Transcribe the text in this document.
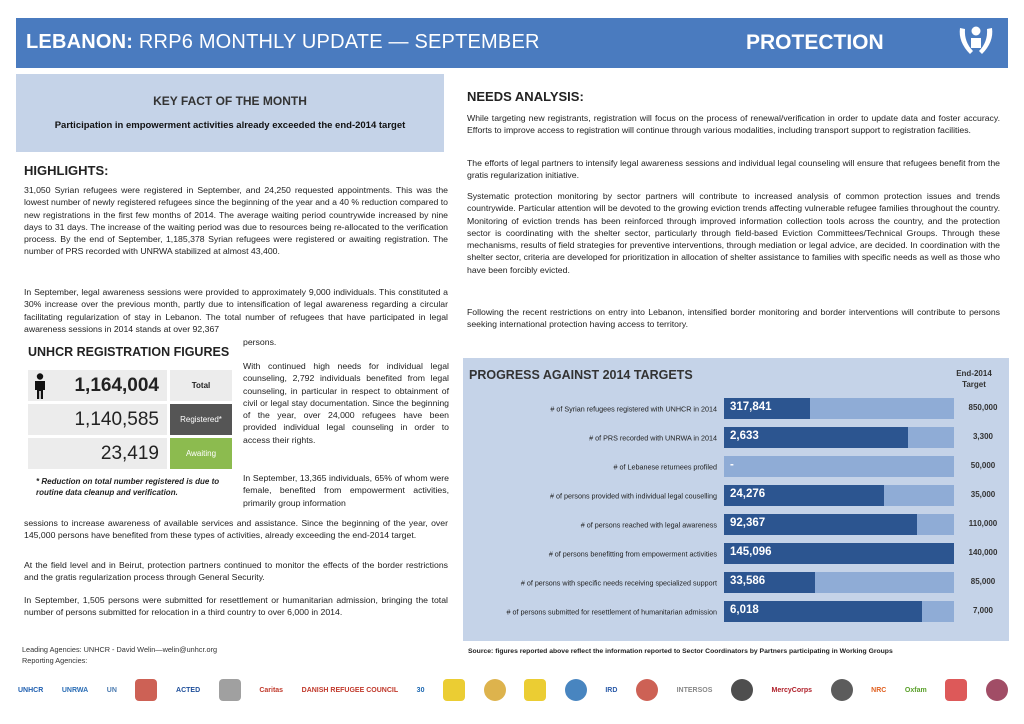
LEBANON: RRP6 MONTHLY UPDATE — SEPTEMBER	PROTECTION
KEY FACT OF THE MONTH
Participation in empowerment activities already exceeded the end-2014 target
HIGHLIGHTS:
31,050 Syrian refugees were registered in September, and 24,250 requested appointments. This was the lowest number of newly registered refugees since the beginning of the year and a 40 % reduction compared to new registrations in the first few months of 2014. The average waiting period countrywide increased by nine days to 31 days. The increase of the waiting period was due to resources being re-allocated to the verification process. By the end of September, 1,185,378 Syrian refugees were registered or awaiting registration. The number of PRS recorded with UNRWA stabilized at almost 43,400.
In September, legal awareness sessions were provided to approximately 9,000 individuals. This constituted a 30% increase over the previous month, partly due to intensification of legal awareness regarding a circular facilitating regularization of stay in Lebanon. The total number of refugees that have participated in legal awareness sessions in 2014 stands at over 92,367
persons.
UNHCR REGISTRATION FIGURES
1,164,004	Total
1,140,585	Registered*
23,419	Awaiting
* Reduction on total number registered is due to routine data cleanup and verification.
With continued high needs for individual legal counseling, 2,792 individuals benefited from legal counseling, in particular in respect to obtainment of civil or legal stay documentation. Since the beginning of the year, over 24,000 refugees have been provided individual legal counseling in order to access their rights.
In September, 13,365 individuals, 65% of whom were female, benefited from empowerment activities, primarily group information
sessions to increase awareness of available services and assistance. Since the beginning of the year, over 145,000 persons have benefited from these types of activities, already exceeding the end-2014 target.
At the field level and in Beirut, protection partners continued to monitor the effects of the border restrictions and the gratis regularization process through General Security.
In September, 1,505 persons were submitted for resettlement or humanitarian admission, bringing the total number of persons submitted for relocation in a third country to over 6,000 in 2014.
NEEDS ANALYSIS:
While targeting new registrants, registration will focus on the process of renewal/verification in order to update data and foster accuracy. Efforts to improve access to registration will continue through various modalities, including transport support to registration facilities.
The efforts of legal partners to intensify legal awareness sessions and individual legal counseling will ensure that refugees benefit from the gratis regularization initiative.
Systematic protection monitoring by sector partners will contribute to increased analysis of common protection issues and trends countrywide. Particular attention will be devoted to the growing eviction trends affecting vulnerable refugee families throughout the country. Monitoring of eviction trends has been reinforced through improved information collection tools across the country, and the protection sector is coordinating with the shelter sector, particularly through field-based Eviction Committees/Technical Groups. Through these mechanisms, results of field strategies for preventive interventions, through mediation or legal advice, are decided. In coordination with the shelter sector, criteria are developed for prioritization in allocation of shelter assistance to families with specific needs as well as those who have been forcibly evicted.
Following the recent restrictions on entry into Lebanon, intensified border monitoring and border interventions will contribute to persons seeking international protection having access to territory.
PROGRESS AGAINST 2014 TARGETS	End-2014 Target
# of Syrian refugees registered with UNHCR in 2014 317,841	850,000
# of PRS recorded with UNRWA in 2014 2,633	3,300
# of Lebanese returnees profiled -	50,000
# of persons provided with individual legal couselling 24,276	35,000
# of persons reached with legal awareness 92,367	110,000
# of persons benefitting from empowerment activities 145,096	140,000
# of persons with specific needs receiving specialized support 33,586	85,000
# of persons submitted for resettlement of humanitarian admission 6,018	7,000
Source: figures reported above reflect the information reported to Sector Coordinators by Partners participating in Working Groups
Leading Agencies: UNHCR - David Welin—welin@unhcr.org
Reporting Agencies:
UNHCR	UNRWA	UN	ACTED	Caritas	DANISH REFUGEE COUNCIL	30	IRD	INTERSOS	MercyCorps	NRC	Oxfam
